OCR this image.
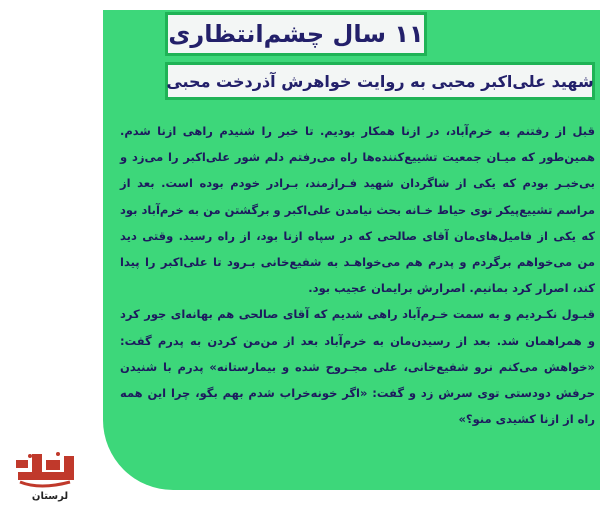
۱۱ سال چشم‌انتظاری
شهید علی‌اکبر محبی به روایت خواهرش آذردخت محبی

قبل از رفتنم به خرم‌آباد، در ازنا همکار بودیم. تا خبر را شنیدم راهی ازنا شدم. همین‌طور که میـان جمعیت تشییع‌کننده‌ها راه می‌رفتم دلم شور علی‌اکبر را می‌زد و بی‌خبـر بودم که یکی از شاگردان شهید فـرازمند، بـرادر خودم بوده است. بعد از مراسم تشییع‌پیکر توی حیاط خـانه بحث نیامدن علی‌اکبر و برگشتن من به خرم‌آباد بود که یکی از فامیل‌های‌مان آقای صالحی که در سپاه ازنا بود، از راه رسید. وقتی دید من می‌خواهم برگردم و پدرم هم می‌خواهـد به شفیع‌خانی بـرود تا علی‌اکبر را پیدا کند، اصرار کرد بمانیم. اصرارش برایمان عجیب بود.

قبـول نکـردیم و به سمت خـرم‌آباد راهی شدیم که آقای صالحی هم بهانه‌ای جور کرد و همراهمان شد. بعد از رسیدن‌مان به خرم‌آباد بعد از من‌من کردن به پدرم گفت: «خواهش می‌کنم نرو شفیع‌خانی، علی مجـروح شده و بیمارستانه» پدرم با شنیدن حرفش دودستی توی سرش زد و گفت: «اگر خونه‌خراب شدم بهم بگو، چرا این همه راه از ازنا کشیدی منو؟»

لرستان
